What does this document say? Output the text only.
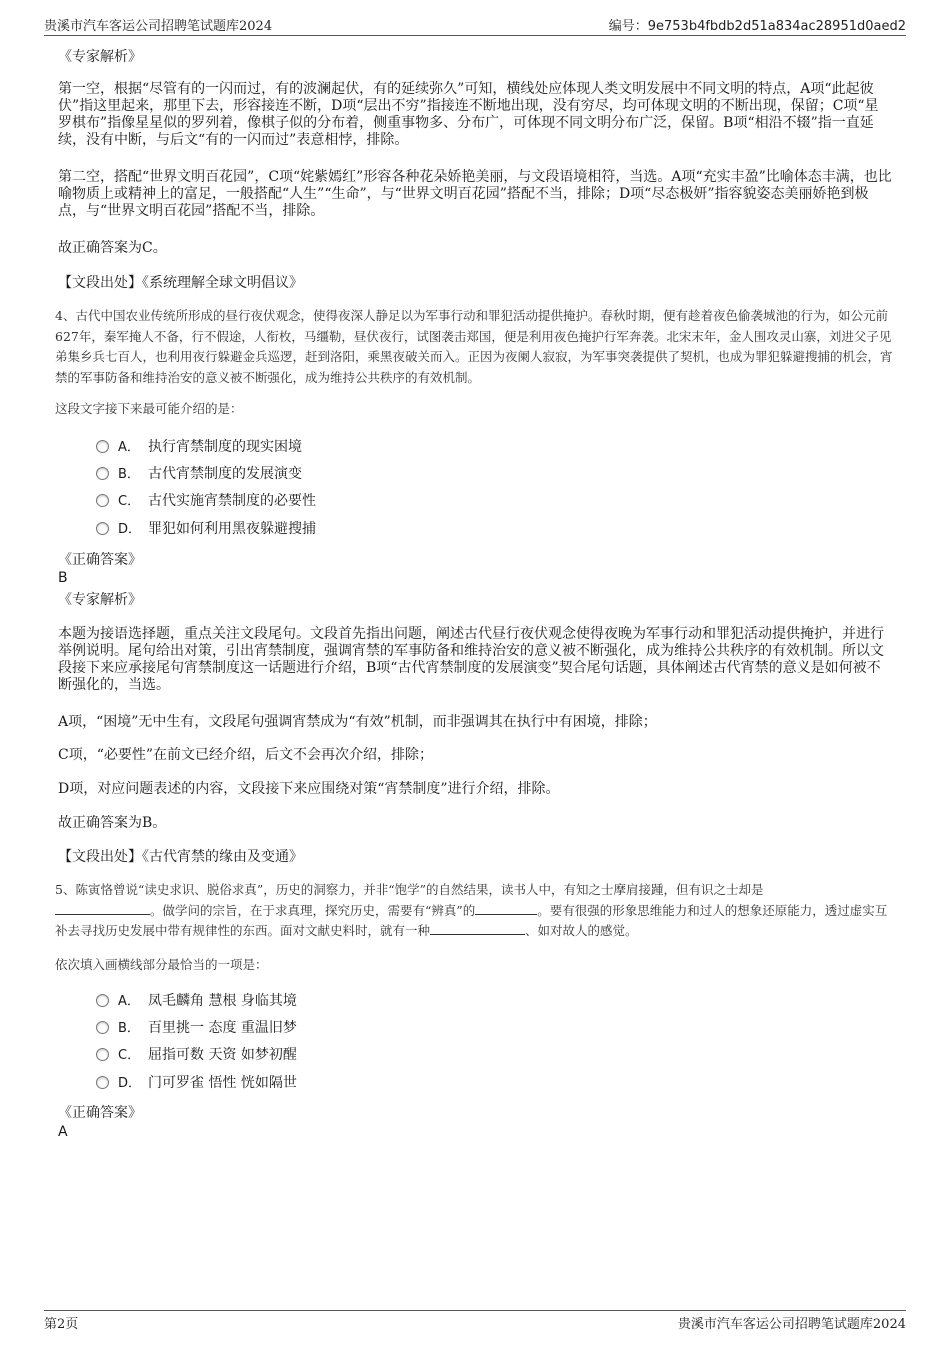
贵溪市汽车客运公司招聘笔试题库2024	编号：9e753b4fbdb2d51a834ac28951d0aed2
《专家解析》
第一空，根据“尽管有的一闪而过，有的波澜起伏，有的延续弥久”可知，横线处应体现人类文明发展中不同文明的特点，A项“此起彼伏”指这里起来，那里下去，形容接连不断，D项“层出不穷”指接连不断地出现，没有穷尽，均可体现文明的不断出现，保留；C项“星罗棋布”指像星星似的罗列着，像棋子似的分布着，侧重事物多、分布广，可体现不同文明分布广泛，保留。B项“相沿不辍”指一直延续，没有中断，与后文“有的一闪而过”表意相悖，排除。
第二空，搭配“世界文明百花园”，C项“姹紫嫣红”形容各种花朵娇艳美丽，与文段语境相符，当选。A项“充实丰盈”比喻体态丰满，也比喻物质上或精神上的富足，一般搭配“人生”“生命”，与“世界文明百花园”搭配不当，排除；D项“尽态极妍”指容貌姿态美丽娇艳到极点，与“世界文明百花园”搭配不当，排除。
故正确答案为C。
【文段出处】《系统理解全球文明倡议》
4、古代中国农业传统所形成的昼行夜伏观念，使得夜深人静足以为军事行动和罪犯活动提供掩护。春秋时期，便有趁着夜色偷袭城池的行为，如公元前627年，秦军掩人不备，行不假途，人衔枚，马缰勒，昼伏夜行，试图袭击郑国，便是利用夜色掩护行军奔袭。北宋末年，金人围攻灵山寨，刘进父子见弟集乡兵七百人，也利用夜行躲避金兵巡逻，赶到洛阳，乘黑夜破关而入。正因为夜阑人寂寂，为军事突袭提供了契机，也成为罪犯躲避搜捕的机会，宵禁的军事防备和维持治安的意义被不断强化，成为维持公共秩序的有效机制。
这段文字接下来最可能介绍的是：
A． 执行宵禁制度的现实困境
B． 古代宵禁制度的发展演变
C． 古代实施宵禁制度的必要性
D． 罪犯如何利用黑夜躲避搜捕
《正确答案》
B
《专家解析》
本题为接语选择题，重点关注文段尾句。文段首先指出问题，阐述古代昼行夜伏观念使得夜晚为军事行动和罪犯活动提供掩护，并进行举例说明。尾句给出对策，引出宵禁制度，强调宵禁的军事防备和维持治安的意义被不断强化，成为维持公共秩序的有效机制。所以文段接下来应承接尾句宵禁制度这一话题进行介绍，B项“古代宵禁制度的发展演变”契合尾句话题，具体阐述古代宵禁的意义是如何被不断强化的，当选。
A项，“困境”无中生有，文段尾句强调宵禁成为“有效”机制，而非强调其在执行中有困境，排除；
C项，“必要性”在前文已经介绍，后文不会再次介绍，排除；
D项，对应问题表述的内容，文段接下来应围绕对策“宵禁制度”进行介绍，排除。
故正确答案为B。
【文段出处】《古代宵禁的缘由及变通》
5、陈寅恪曾说“读史求识、脱俗求真”，历史的洞察力，并非“饱学”的自然结果，读书人中，有知之士摩肩接踵，但有识之士却是
。做学问的宗旨，在于求真理，探究历史，需要有“辨真”的	。要有很强的形象思维能力和过人的想象还原能力，透过虚实互补去寻找历史发展中带有规律性的东西。面对文献史料时，就有一种	、如对故人的感觉。
依次填入画横线部分最恰当的一项是：
A． 凤毛麟角 慧根 身临其境
B． 百里挑一 态度 重温旧梦
C． 屈指可数 天资 如梦初醒
D． 门可罗雀 悟性 恍如隔世
《正确答案》
A
第2页	贵溪市汽车客运公司招聘笔试题库2024
